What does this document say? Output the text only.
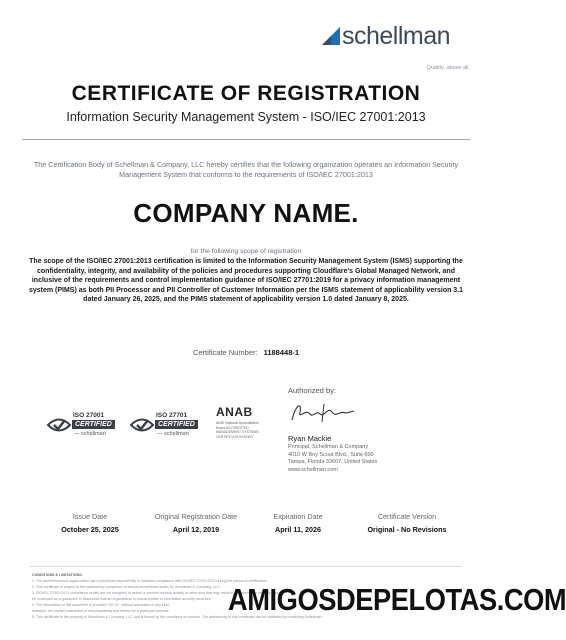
schellman
Quality, above all.
CERTIFICATE OF REGISTRATION
Information Security Management System - ISO/IEC 27001:2013
The Certification Body of Schellman & Company, LLC hereby certifies that the following organization operates an Information Security Management System that conforms to the requirements of ISO/IEC 27001:2013
COMPANY NAME.
for the following scope of registration
The scope of the ISO/IEC 27001:2013 certification is limited to the Information Security Management System (ISMS) supporting the confidentiality, integrity, and availability of the policies and procedures supporting Cloudflare's Global Managed Network, and inclusive of the requirements and control implementation guidance of ISO/IEC 27701:2019 for a privacy information management system (PIMS) as both PII Processor and PII Controller of Customer Information per the ISMS statement of applicability version 3.1 dated January 26, 2025, and the PIMS statement of applicability version 1.0 dated January 8, 2025.
Certificate Number: 1188448-1
ISO 27001
CERTIFIED
— schellman
ISO 27701
CERTIFIED
— schellman
ANAB
ANSI National Accreditation Board ACCREDITED MANAGEMENT SYSTEMS CERTIFICATION BODY
Authorized by:
Ryan Mackie
Principal, Schellman & Company
4010 W Boy Scout Blvd., Suite 600
Tampa, Florida 33607, United States
www.schellman.com
Issue Date
October 25, 2025
Original Registration Date
April 12, 2019
Expiration Date
April 11, 2026
Certificate Version
Original - No Revisions
CONDITIONS & LIMITATIONS:
1. The aforementioned organization has a perpetual responsibility to maintain compliance with ISO/IEC 27001:2013 during the period of certification.
2. This certificate is subject to the satisfactory completion of annual surveillance audits by Schellman & Company, LLC.
3. ISO/IEC 27001:2013 compliance audits are not designed to detect or prevent criminal activity or other acts that may result in an information security breach.
be construed as a guarantee or assurance that an organization is unsusceptible to information security breaches.
4. The information in this document is provided "AS IS", without warranties of any kind.
limitation, the implied warranties of merchantability and fitness for a particular purpose.
5. This certificate is the property of Schellman & Company, LLC and is bound by the conditions of contract. The authenticity of this certificate can be validated by contacting Schellman.
AMIGOSDEPELOTAS.COM
